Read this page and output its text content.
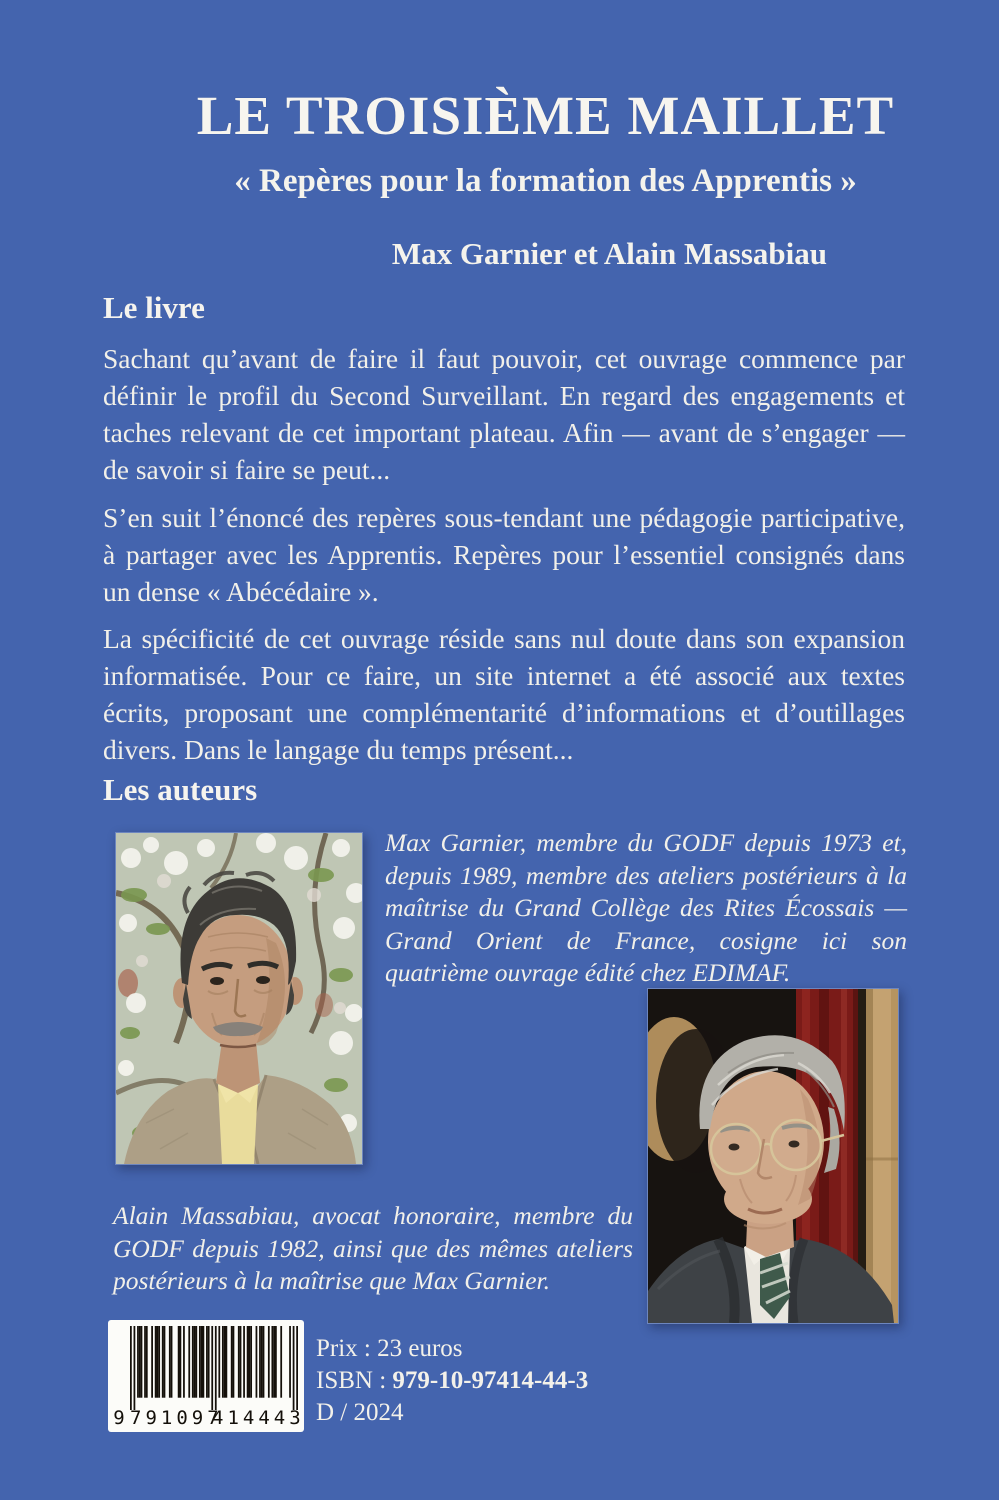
LE TROISIÈME MAILLET
« Repères pour la formation des Apprentis »
Max Garnier et Alain Massabiau
Le livre

Sachant qu’avant de faire il faut pouvoir, cet ouvrage commence par définir le profil du Second Surveillant. En regard des engagements et taches relevant de cet important plateau. Afin — avant de s’engager — de savoir si faire se peut...

S’en suit l’énoncé des repères sous-tendant une pédagogie participative, à partager avec les Apprentis. Repères pour l’essentiel consignés dans un dense « Abécédaire ».

La spécificité de cet ouvrage réside sans nul doute dans son expansion informatisée. Pour ce faire, un site internet a été associé aux textes écrits, proposant une complémentarité d’informations et d’outillages divers. Dans le langage du temps présent...

Les auteurs

Max Garnier, membre du GODF depuis 1973 et, depuis 1989, membre des ateliers postérieurs à la maîtrise du Grand Collège des Rites Écossais — Grand Orient de France, cosigne ici son quatrième ouvrage édité chez EDIMAF.

Alain Massabiau, avocat honoraire, membre du GODF depuis 1982, ainsi que des mêmes ateliers postérieurs à la maîtrise que Max Garnier.

9 791097
414443
Prix : 23 euros
ISBN : 979-10-97414-44-3
D / 2024
